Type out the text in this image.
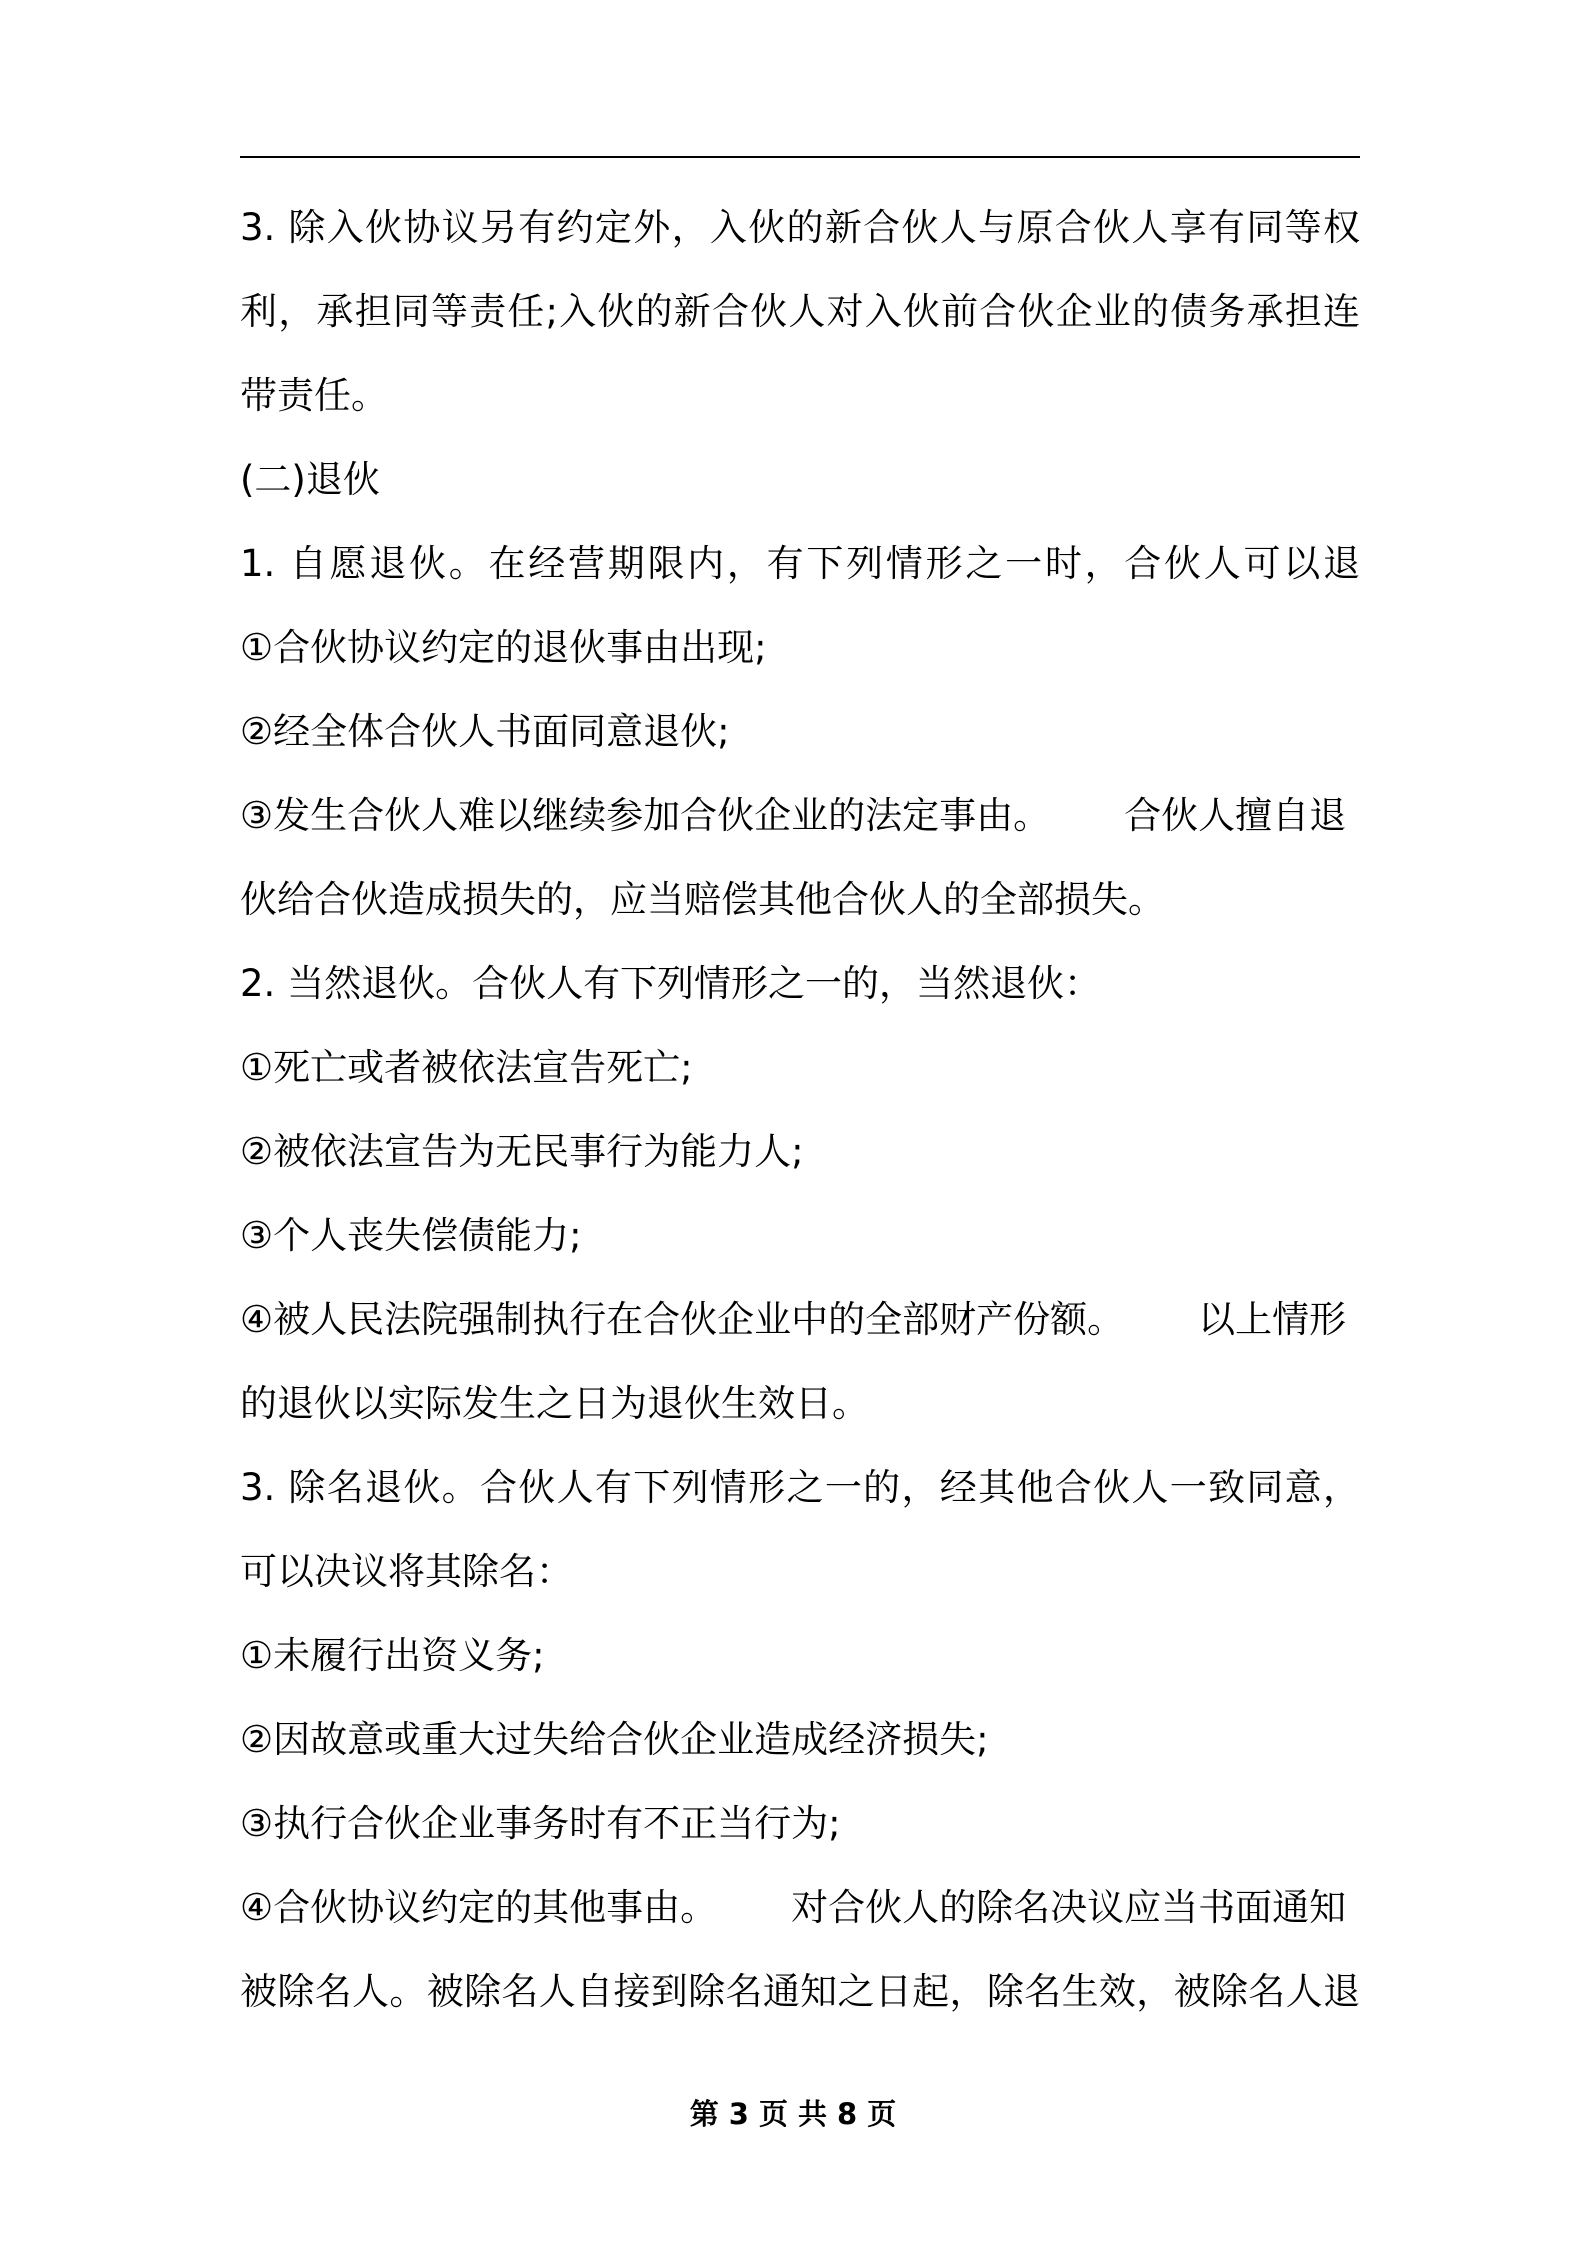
3. 除入伙协议另有约定外，入伙的新合伙人与原合伙人享有同等权
利，承担同等责任;入伙的新合伙人对入伙前合伙企业的债务承担连
带责任。
(二)退伙
1. 自愿退伙。在经营期限内，有下列情形之一时，合伙人可以退
①合伙协议约定的退伙事由出现;
②经全体合伙人书面同意退伙;
③发生合伙人难以继续参加合伙企业的法定事由。 合伙人擅自退
伙给合伙造成损失的，应当赔偿其他合伙人的全部损失。
2. 当然退伙。合伙人有下列情形之一的，当然退伙：
①死亡或者被依法宣告死亡;
②被依法宣告为无民事行为能力人;
③个人丧失偿债能力;
④被人民法院强制执行在合伙企业中的全部财产份额。 以上情形
的退伙以实际发生之日为退伙生效日。
3. 除名退伙。合伙人有下列情形之一的，经其他合伙人一致同意，
可以决议将其除名：
①未履行出资义务;
②因故意或重大过失给合伙企业造成经济损失;
③执行合伙企业事务时有不正当行为;
④合伙协议约定的其他事由。 对合伙人的除名决议应当书面通知
被除名人。被除名人自接到除名通知之日起，除名生效，被除名人退
第 3 页 共 8 页
